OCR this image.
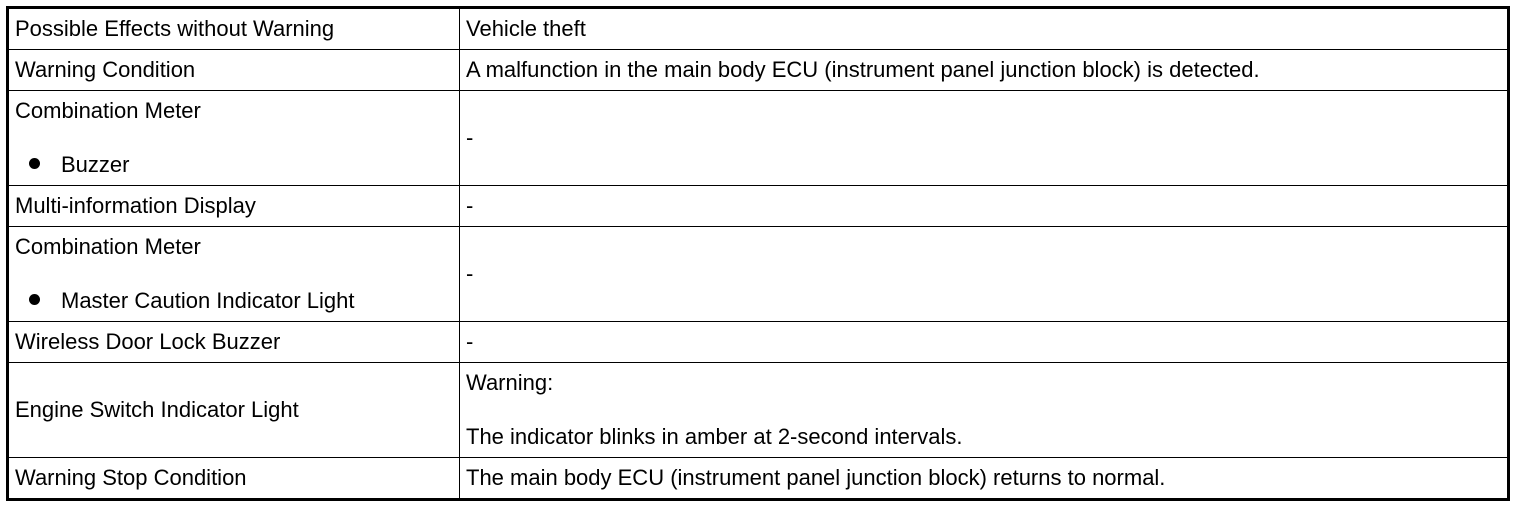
Possible Effects without Warning	Vehicle theft
Warning Condition	A malfunction in the main body ECU (instrument panel junction block) is detected.

Combination Meter
Buzzer	-
Multi-information Display	-

Combination Meter
Master Caution Indicator Light	-
Wireless Door Lock Buzzer	-
Engine Switch Indicator Light	Warning:
The indicator blinks in amber at 2-second intervals.

Warning Stop Condition	The main body ECU (instrument panel junction block) returns to normal.
